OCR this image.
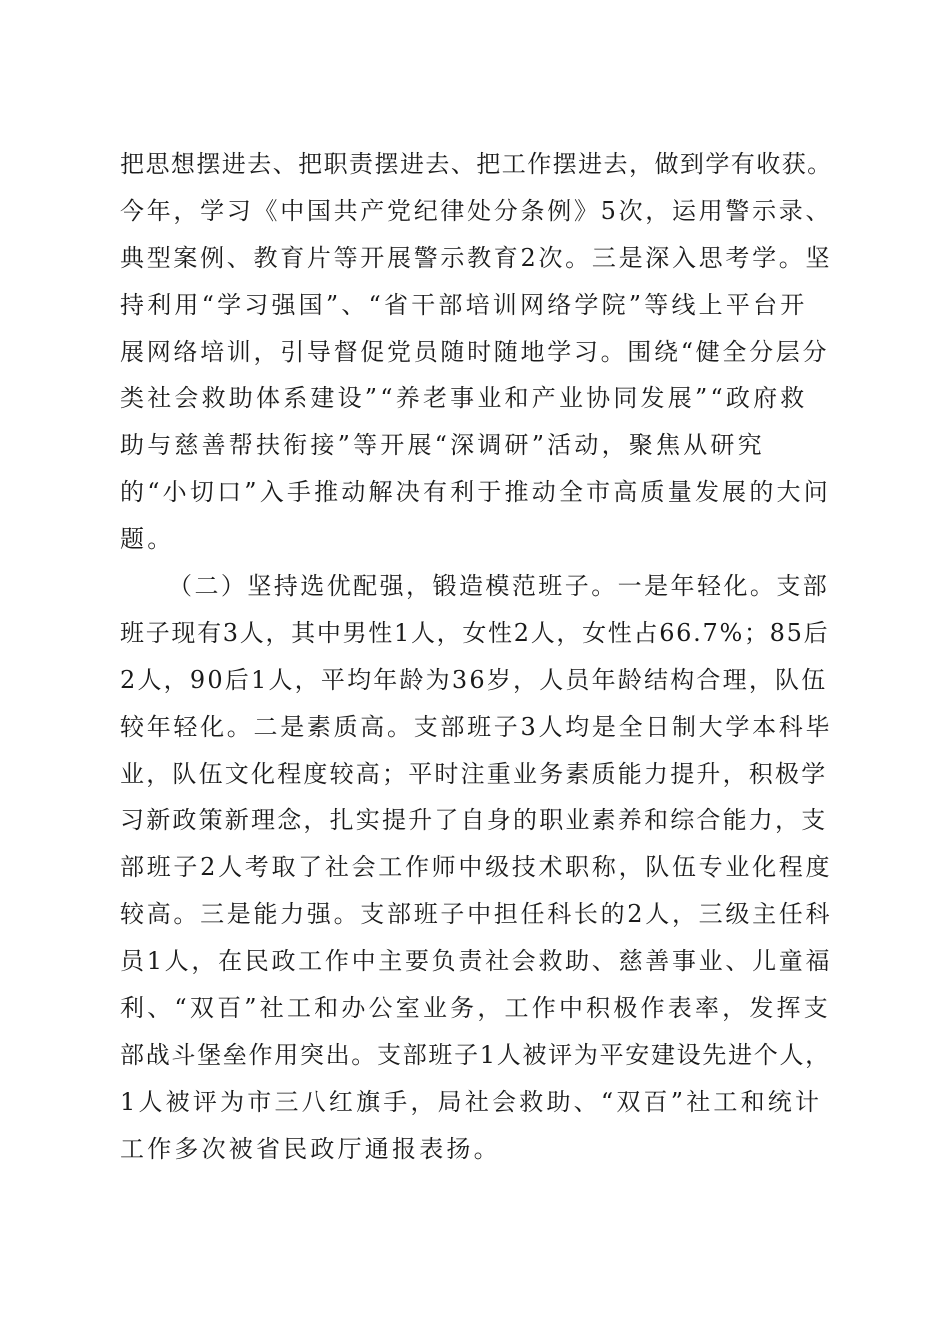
把思想摆进去、把职责摆进去、把工作摆进去，做到学有收获。
今年，学习《中国共产党纪律处分条例》5次，运用警示录、
典型案例、教育片等开展警示教育2次。三是深入思考学。坚
持利用“学习强国”、“省干部培训网络学院”等线上平台开
展网络培训，引导督促党员随时随地学习。围绕“健全分层分
类社会救助体系建设”“养老事业和产业协同发展”“政府救
助与慈善帮扶衔接”等开展“深调研”活动，聚焦从研究
的“小切口”入手推动解决有利于推动全市高质量发展的大问
题。
（二）坚持选优配强，锻造模范班子。一是年轻化。支部
班子现有3人，其中男性1人，女性2人，女性占66.7%；85后
2人，90后1人，平均年龄为36岁，人员年龄结构合理，队伍
较年轻化。二是素质高。支部班子3人均是全日制大学本科毕
业，队伍文化程度较高；平时注重业务素质能力提升，积极学
习新政策新理念，扎实提升了自身的职业素养和综合能力，支
部班子2人考取了社会工作师中级技术职称，队伍专业化程度
较高。三是能力强。支部班子中担任科长的2人，三级主任科
员1人，在民政工作中主要负责社会救助、慈善事业、儿童福
利、“双百”社工和办公室业务，工作中积极作表率，发挥支
部战斗堡垒作用突出。支部班子1人被评为平安建设先进个人，
1人被评为市三八红旗手，局社会救助、“双百”社工和统计
工作多次被省民政厅通报表扬。
